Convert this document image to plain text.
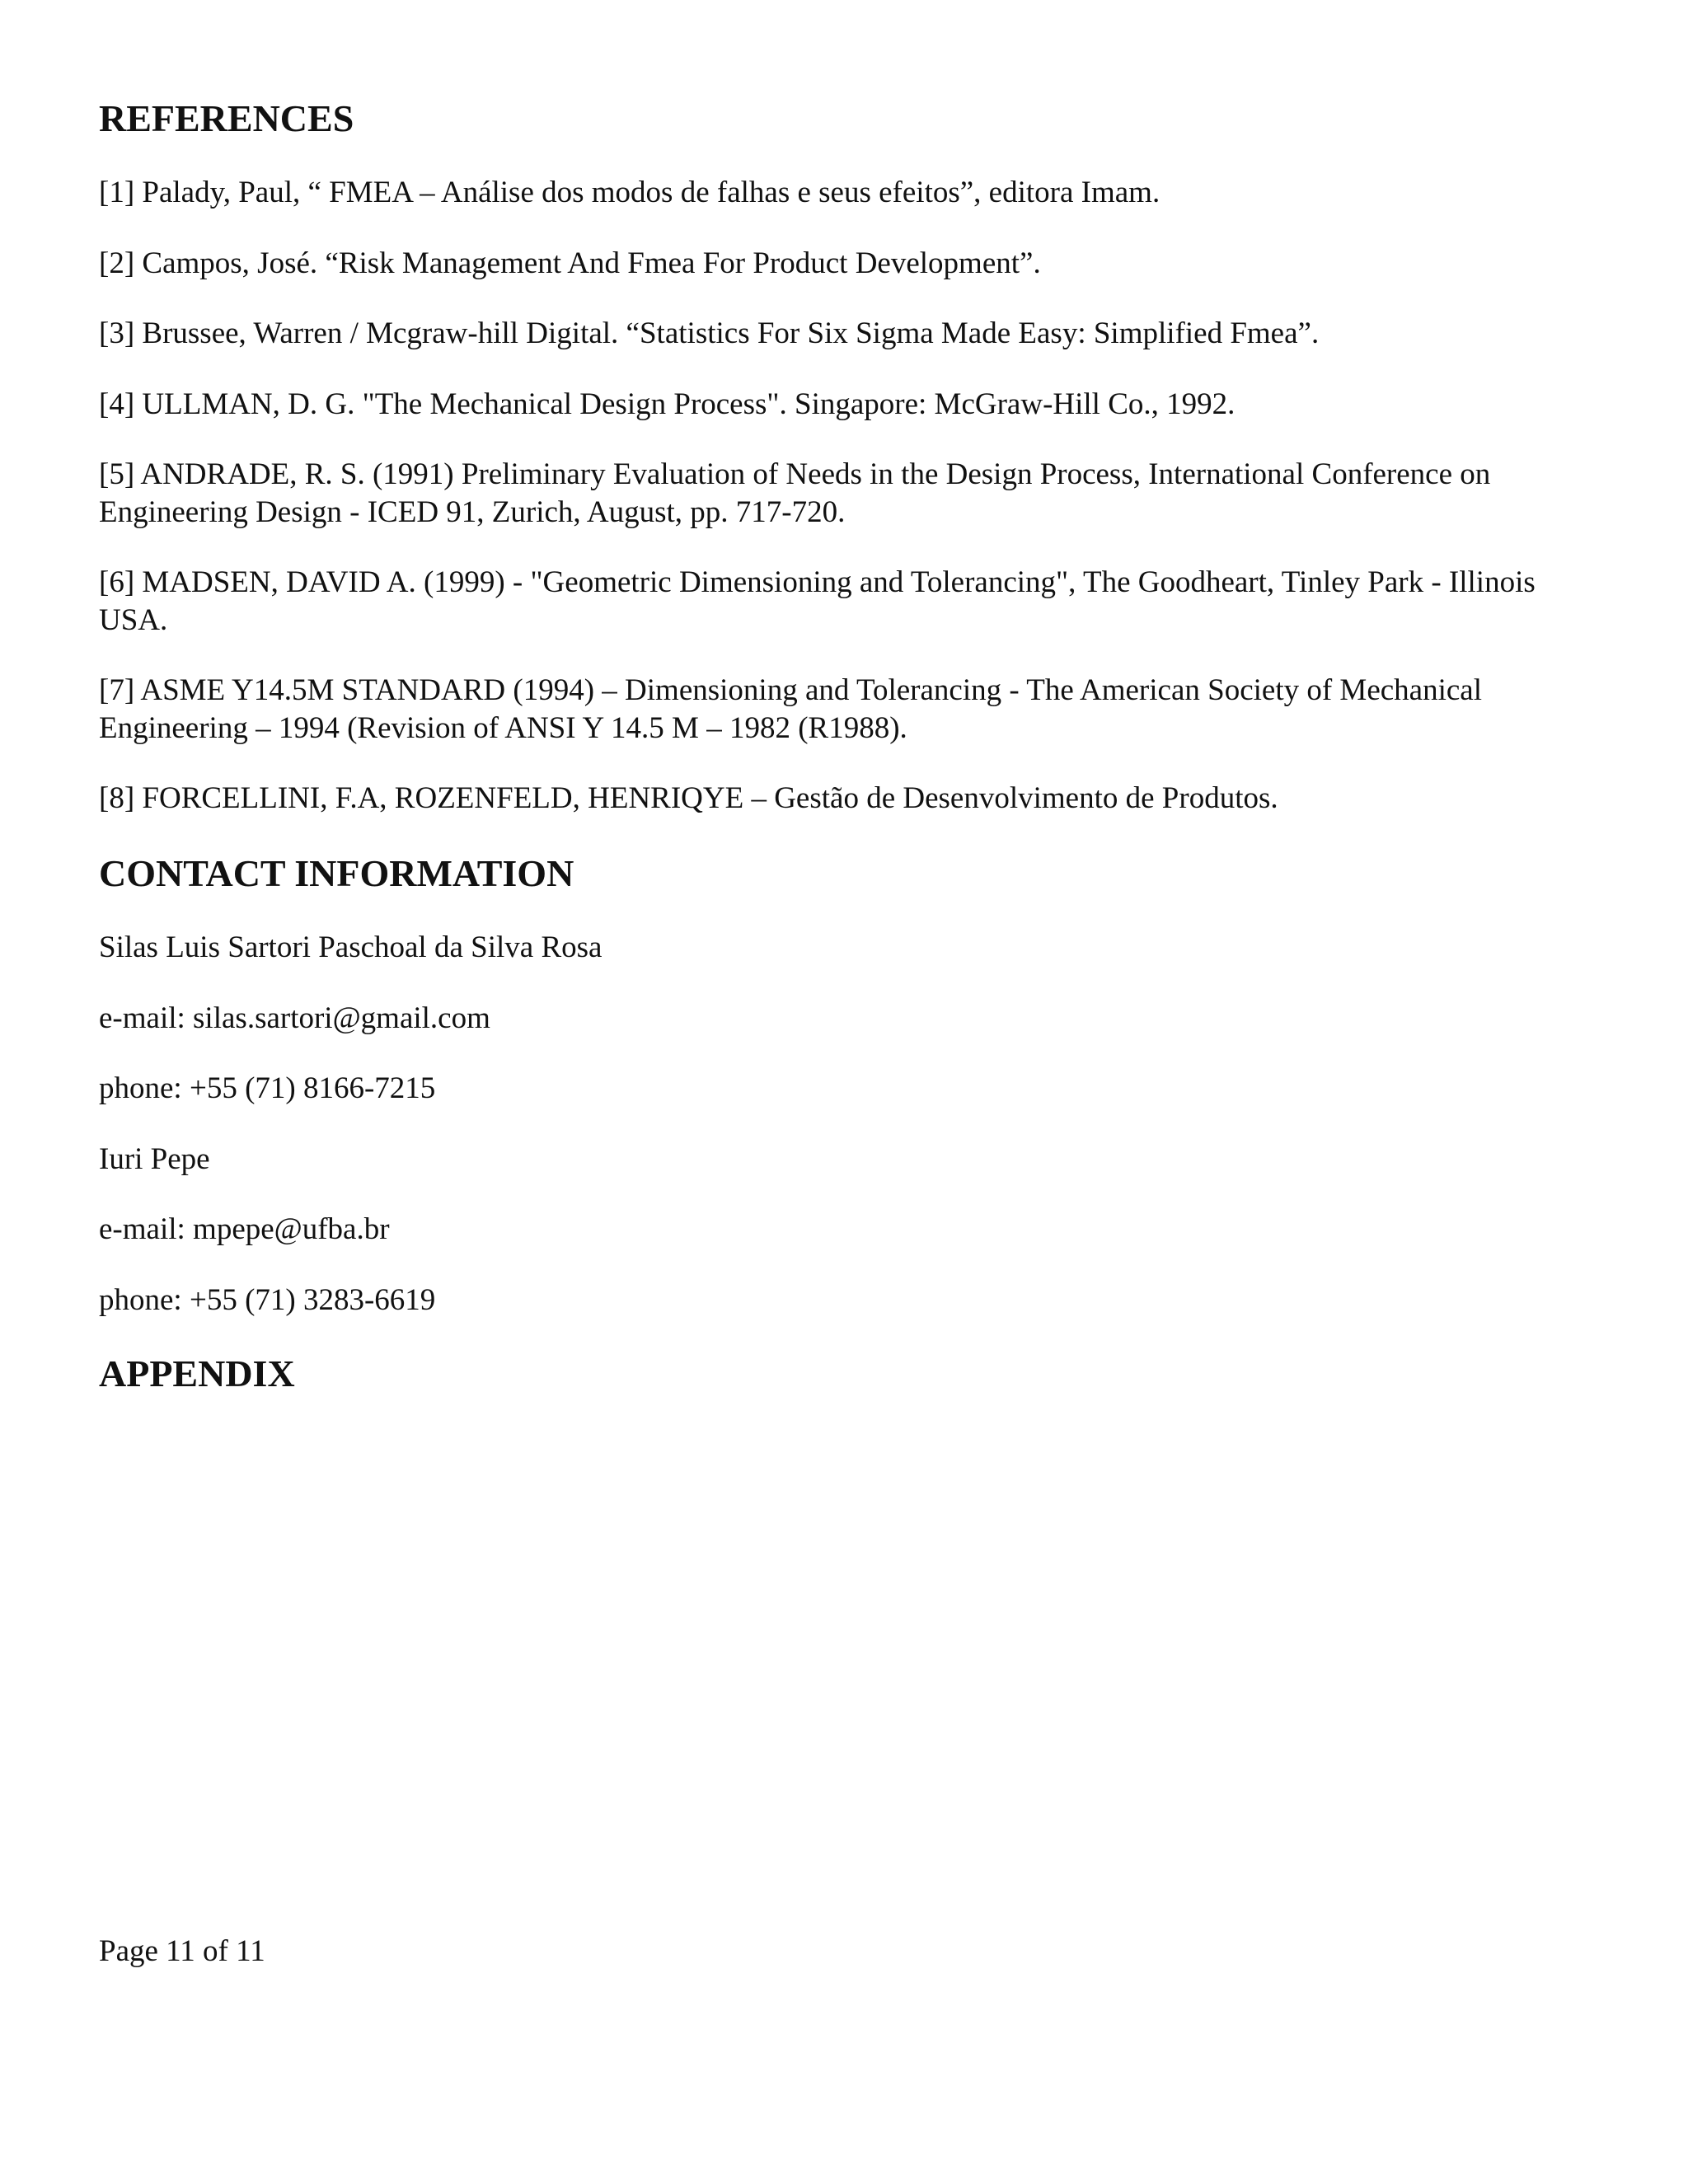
REFERENCES

[1] Palady, Paul, “ FMEA – Análise dos modos de falhas e seus efeitos”, editora Imam.

[2] Campos, José. “Risk Management And Fmea For Product Development”.

[3] Brussee, Warren / Mcgraw-hill Digital. “Statistics For Six Sigma Made Easy: Simplified Fmea”.

[4] ULLMAN, D. G. "The Mechanical Design Process". Singapore: McGraw-Hill Co., 1992.

[5] ANDRADE, R. S. (1991) Preliminary Evaluation of Needs in the Design Process, International Conference on Engineering Design - ICED 91, Zurich, August, pp. 717-720.

[6] MADSEN, DAVID A. (1999) - "Geometric Dimensioning and Tolerancing", The Goodheart, Tinley Park - Illinois USA.

[7] ASME Y14.5M STANDARD (1994) – Dimensioning and Tolerancing - The American Society of Mechanical Engineering – 1994 (Revision of ANSI Y 14.5 M – 1982 (R1988).

[8] FORCELLINI, F.A, ROZENFELD, HENRIQYE – Gestão de Desenvolvimento de Produtos.

CONTACT INFORMATION

Silas Luis Sartori Paschoal da Silva Rosa

e-mail: silas.sartori@gmail.com

phone: +55 (71) 8166-7215

Iuri Pepe

e-mail: mpepe@ufba.br

phone: +55 (71) 3283-6619

APPENDIX
Page 11 of 11
